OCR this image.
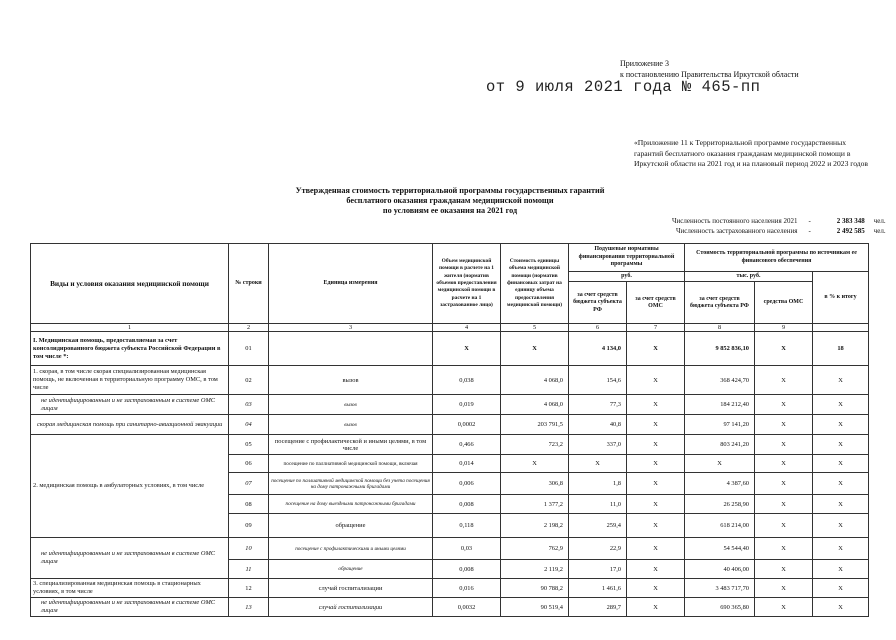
Приложение 3
к постановлению Правительства Иркутской области
от 9 июля 2021 года № 465-пп
«Приложение 11 к Территориальной программе государственных
гарантий бесплатного оказания гражданам медицинской помощи в
Иркутской области на 2021 год и на плановый период 2022 и 2023 годов
Утвержденная стоимость территориальной программы государственных гарантий
бесплатного оказания гражданам медицинской помощи
по условиям ее оказания на 2021 год
Численность постоянного населения 2021	-	2 383 348	чел.
Численность застрахованного населения	-	2 492 585	чел.
Виды и условия оказания медицинской помощи	№ строки	Единица измерения	Объем медицинской помощи в расчете на 1 жителя (норматив объемов предоставления медицинской помощи в расчете на 1 застрахованное лицо)	Стоимость единицы объема медицинской помощи (норматив финансовых затрат на единицу объема предоставления медицинской помощи)	Подушевые нормативы финансирования территориальной программы		Стоимость территориальной программы по источникам ее финансового обеспечения		
					руб.		тыс. руб.		в % к итогу
					за счет средств бюджета субъекта РФ	за счет средств ОМС	за счет средств бюджета субъекта РФ	средства ОМС	
1	2	3	4	5	6	7	8	9	
I. Медицинская помощь, предоставляемая за счет консолидированного бюджета субъекта Российской Федерации в том числе *:	01		Х	Х	4 134,0	Х	9 852 836,10	Х	18
1. скорая, в том числе скорая специализированная медицинская помощь, не включенная в территориальную программу ОМС, в том числе	02	вызов	0,038	4 068,0	154,6	Х	368 424,70	Х	Х
не идентифицированным и не застрахованным в системе ОМС лицам	03	вызов	0,019	4 068,0	77,3	Х	184 212,40	Х	Х
скорая медицинская помощь при санитарно-авиационной эвакуации	04	вызов	0,0002	203 791,5	40,8	Х	97 141,20	Х	Х
2. медицинская помощь в амбулаторных условиях, в том числе	05	посещение с профилактической и иными целями, в том числе	0,466	723,2	337,0	Х	803 241,20	Х	Х
	06	посещение по паллиативной медицинской помощи, включая	0,014	Х	Х	Х	Х	Х	Х
	07	посещение по паллиативной медицинской помощи без учета посещения на дому патронажными бригадами	0,006	306,8	1,8	Х	4 387,60	Х	Х
	08	посещение на дому выездными патронажными бригадами	0,008	1 377,2	11,0	Х	26 258,90	Х	Х
	09	обращение	0,118	2 198,2	259,4	Х	618 214,00	Х	Х
не идентифицированным и не застрахованным в системе ОМС лицам	10	посещение с профилактическими и иными целями	0,03	762,9	22,9	Х	54 544,40	Х	Х
	11	обращение	0,008	2 119,2	17,0	Х	40 406,00	Х	Х
3. специализированная медицинская помощь в стационарных условиях, в том числе	12	случай госпитализации	0,016	90 788,2	1 461,6	Х	3 483 717,70	Х	Х
не идентифицированным и не застрахованным в системе ОМС лицам	13	случай госпитализации	0,0032	90 519,4	289,7	Х	690 365,80	Х	Х
